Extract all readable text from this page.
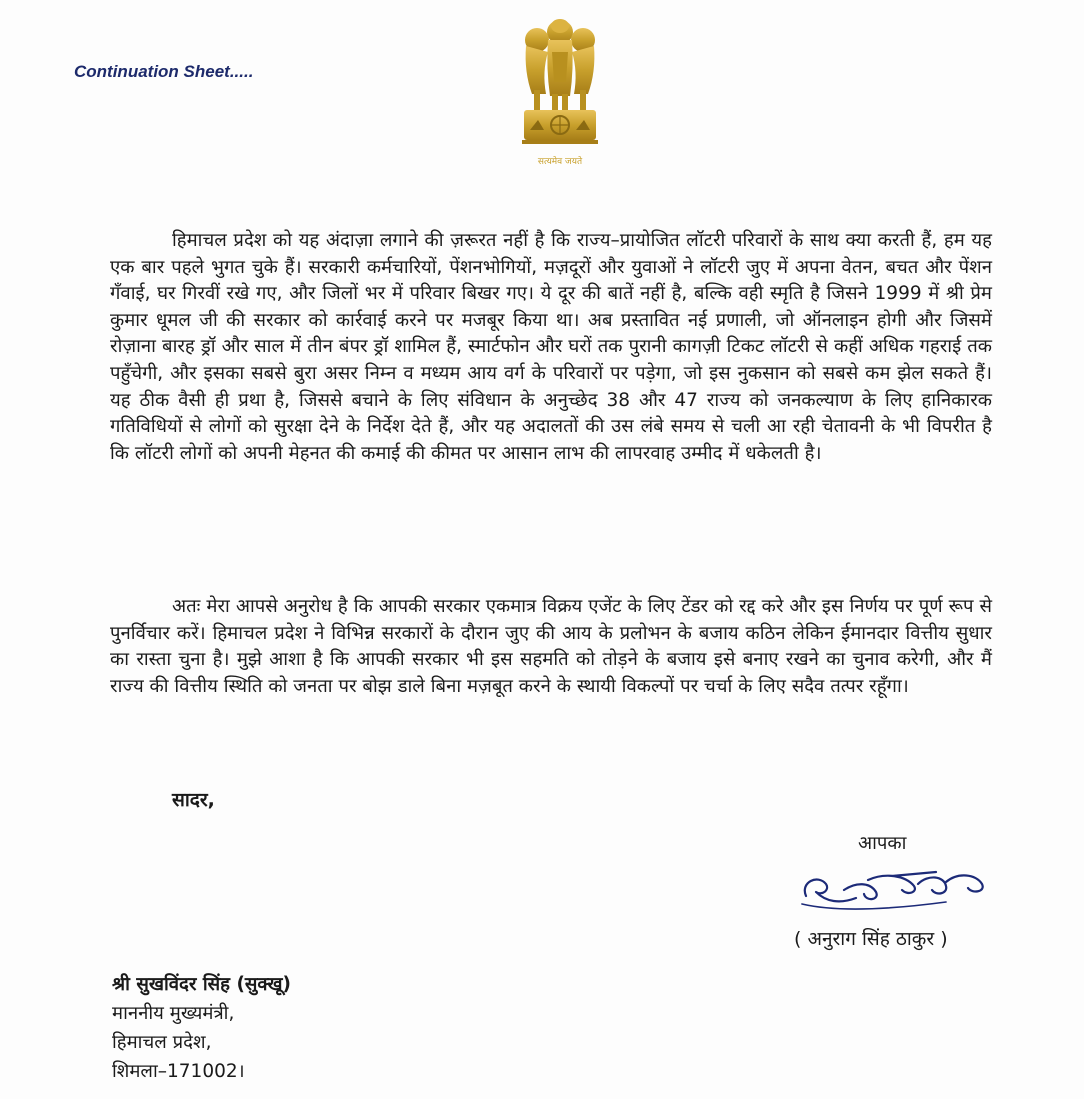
Continuation Sheet.....
सत्यमेव जयते
हिमाचल प्रदेश को यह अंदाज़ा लगाने की ज़रूरत नहीं है कि राज्य–प्रायोजित लॉटरी परिवारों के साथ क्या करती हैं, हम यह एक बार पहले भुगत चुके हैं। सरकारी कर्मचारियों, पेंशनभोगियों, मज़दूरों और युवाओं ने लॉटरी जुए में अपना वेतन, बचत और पेंशन गँवाई, घर गिरवीं रखे गए, और जिलों भर में परिवार बिखर गए। ये दूर की बातें नहीं है, बल्कि वही स्मृति है जिसने 1999 में श्री प्रेम कुमार धूमल जी की सरकार को कार्रवाई करने पर मजबूर किया था। अब प्रस्तावित नई प्रणाली, जो ऑनलाइन होगी और जिसमें रोज़ाना बारह ड्रॉ और साल में तीन बंपर ड्रॉ शामिल हैं, स्मार्टफोन और घरों तक पुरानी कागज़ी टिकट लॉटरी से कहीं अधिक गहराई तक पहुँचेगी, और इसका सबसे बुरा असर निम्न व मध्यम आय वर्ग के परिवारों पर पड़ेगा, जो इस नुकसान को सबसे कम झेल सकते हैं। यह ठीक वैसी ही प्रथा है, जिससे बचाने के लिए संविधान के अनुच्छेद 38 और 47 राज्य को जनकल्याण के लिए हानिकारक गतिविधियों से लोगों को सुरक्षा देने के निर्देश देते हैं, और यह अदालतों की उस लंबे समय से चली आ रही चेतावनी के भी विपरीत है कि लॉटरी लोगों को अपनी मेहनत की कमाई की कीमत पर आसान लाभ की लापरवाह उम्मीद में धकेलती है।
अतः मेरा आपसे अनुरोध है कि आपकी सरकार एकमात्र विक्रय एजेंट के लिए टेंडर को रद्द करे और इस निर्णय पर पूर्ण रूप से पुनर्विचार करें। हिमाचल प्रदेश ने विभिन्न सरकारों के दौरान जुए की आय के प्रलोभन के बजाय कठिन लेकिन ईमानदार वित्तीय सुधार का रास्ता चुना है। मुझे आशा है कि आपकी सरकार भी इस सहमति को तोड़ने के बजाय इसे बनाए रखने का चुनाव करेगी, और मैं राज्य की वित्तीय स्थिति को जनता पर बोझ डाले बिना मज़बूत करने के स्थायी विकल्पों पर चर्चा के लिए सदैव तत्पर रहूँगा।
सादर,
आपका
( अनुराग सिंह ठाकुर )
श्री सुखविंदर सिंह (सुक्खू)
माननीय मुख्यमंत्री,
हिमाचल प्रदेश,
शिमला–171002।
